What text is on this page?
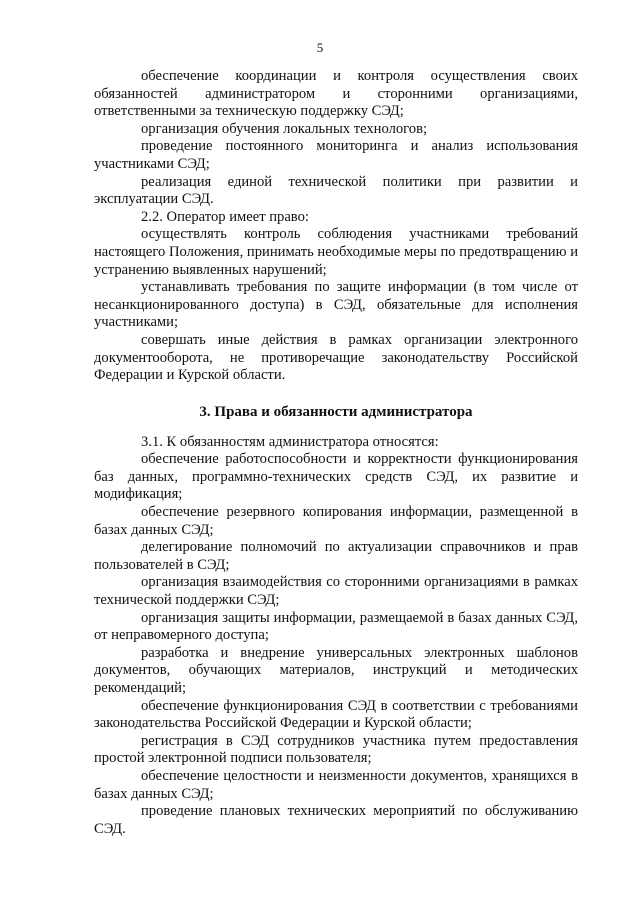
5

обеспечение координации и контроля осуществления своих обязанностей администратором и сторонними организациями, ответственными за техническую поддержку СЭД;

организация обучения локальных технологов;

проведение постоянного мониторинга и анализ использования участниками СЭД;

реализация единой технической политики при развитии и эксплуатации СЭД.

2.2. Оператор имеет право:

осуществлять контроль соблюдения участниками требований настоящего Положения, принимать необходимые меры по предотвращению и устранению выявленных нарушений;

устанавливать требования по защите информации (в том числе от несанкционированного доступа) в СЭД, обязательные для исполнения участниками;

совершать иные действия в рамках организации электронного документооборота, не противоречащие законодательству Российской Федерации и Курской области.

3. Права и обязанности администратора

3.1. К обязанностям администратора относятся:

обеспечение работоспособности и корректности функционирования баз данных, программно-технических средств СЭД, их развитие и модификация;

обеспечение резервного копирования информации, размещенной в базах данных СЭД;

делегирование полномочий по актуализации справочников и прав пользователей в СЭД;

организация взаимодействия со сторонними организациями в рамках технической поддержки СЭД;

организация защиты информации, размещаемой в базах данных СЭД, от неправомерного доступа;

разработка и внедрение универсальных электронных шаблонов документов, обучающих материалов, инструкций и методических рекомендаций;

обеспечение функционирования СЭД в соответствии с требованиями законодательства Российской Федерации и Курской области;

регистрация в СЭД сотрудников участника путем предоставления простой электронной подписи пользователя;

обеспечение целостности и неизменности документов, хранящихся в базах данных СЭД;

проведение плановых технических мероприятий по обслуживанию СЭД.
